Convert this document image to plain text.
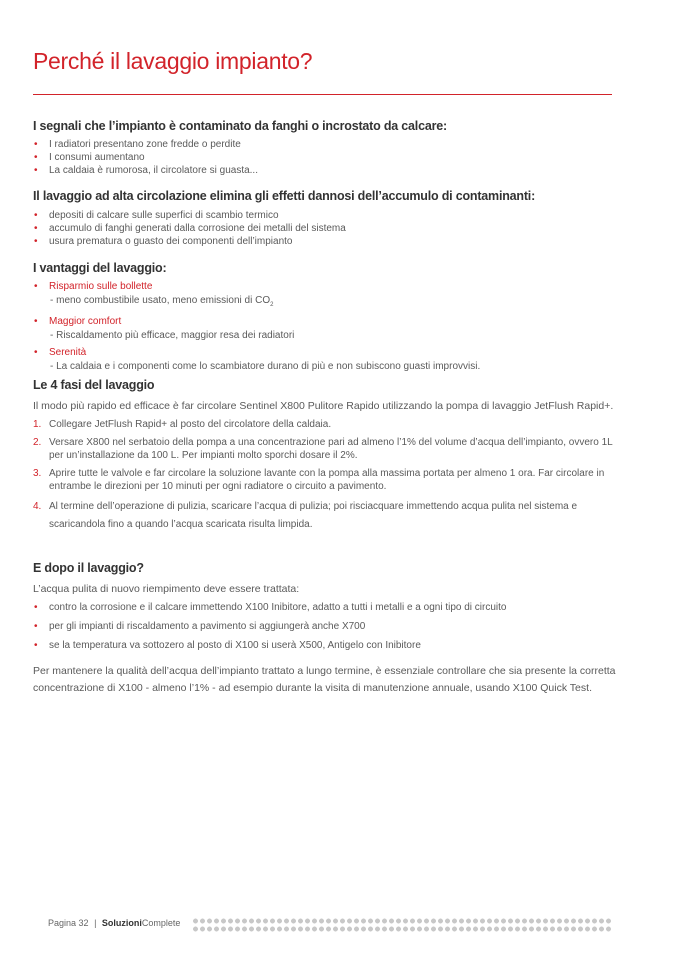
Perché il lavaggio impianto?
I segnali che l’impianto è contaminato da fanghi o incrostato da calcare:
• I radiatori presentano zone fredde o perdite
• I consumi aumentano
• La caldaia è rumorosa, il circolatore si guasta...
Il lavaggio ad alta circolazione elimina gli effetti dannosi dell’accumulo di contaminanti:
• depositi di calcare sulle superfici di scambio termico
• accumulo di fanghi generati dalla corrosione dei metalli del sistema
• usura prematura o guasto dei componenti dell’impianto
I vantaggi del lavaggio:
• Risparmio sulle bollette
- meno combustibile usato, meno emissioni di $CO_2$
• Maggior comfort
- Riscaldamento più efficace, maggior resa dei radiatori
• Serenità
- La caldaia e i componenti come lo scambiatore durano di più e non subiscono guasti improvvisi.
Le 4 fasi del lavaggio

Il modo più rapido ed efficace è far circolare Sentinel X800 Pulitore Rapido utilizzando la pompa di lavaggio JetFlush Rapid+.

1. Collegare JetFlush Rapid+ al posto del circolatore della caldaia.
2. Versare X800 nel serbatoio della pompa a una concentrazione pari ad almeno l’1% del volume d’acqua dell’impianto, ovvero 1L per un’installazione da 100 L. Per impianti molto sporchi dosare il 2%.
3. Aprire tutte le valvole e far circolare la soluzione lavante con la pompa alla massima portata per almeno 1 ora. Far circolare in entrambe le direzioni per 10 minuti per ogni radiatore o circuito a pavimento.
4. Al termine dell’operazione di pulizia, scaricare l’acqua di pulizia; poi risciacquare immettendo acqua pulita nel sistema e scaricandola fino a quando l’acqua scaricata risulta limpida.
E dopo il lavaggio?

L’acqua pulita di nuovo riempimento deve essere trattata:

• contro la corrosione e il calcare immettendo X100 Inibitore, adatto a tutti i metalli e a ogni tipo di circuito
• per gli impianti di riscaldamento a pavimento si aggiungerà anche X700
• se la temperatura va sottozero al posto di X100 si userà X500, Antigelo con Inibitore

Per mantenere la qualità dell’acqua dell’impianto trattato a lungo termine, è essenziale controllare che sia presente la corretta concentrazione di X100 - almeno l’1% - ad esempio durante la visita di manutenzione annuale, usando X100 Quick Test.

Pagina 32 | SoluzioniComplete
